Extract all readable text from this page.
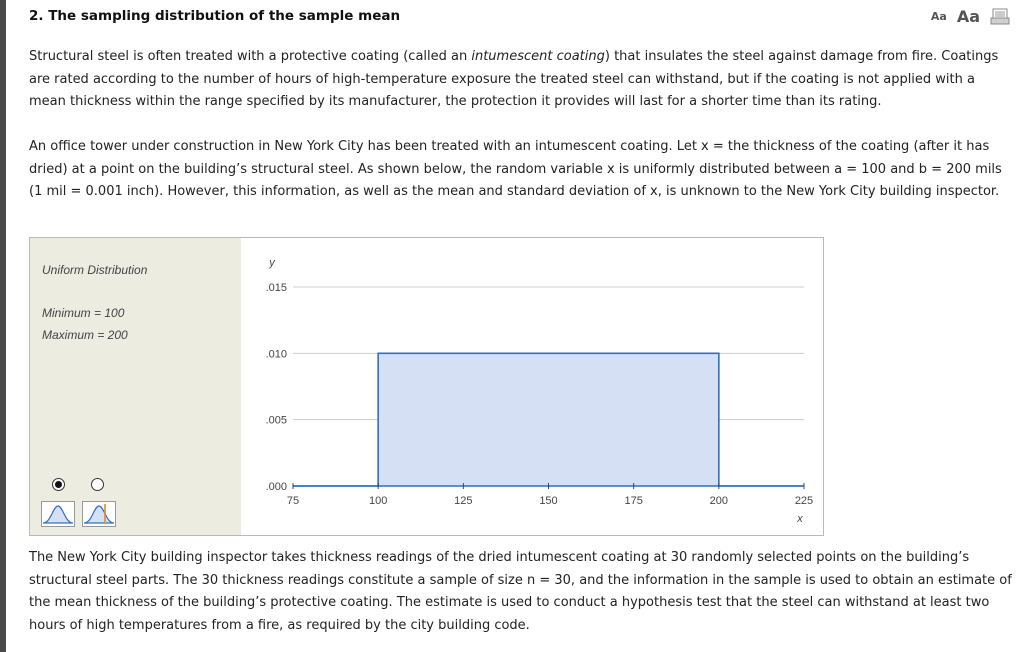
2. The sampling distribution of the sample mean	Aa Aa
Structural steel is often treated with a protective coating (called an intumescent coating) that insulates the steel against damage from fire. Coatings are rated according to the number of hours of high-temperature exposure the treated steel can withstand, but if the coating is not applied with a mean thickness within the range specified by its manufacturer, the protection it provides will last for a shorter time than its rating.
An office tower under construction in New York City has been treated with an intumescent coating. Let x = the thickness of the coating (after it has dried) at a point on the building’s structural steel. As shown below, the random variable x is uniformly distributed between a = 100 and b = 200 mils (1 mil = 0.001 inch). However, this information, as well as the mean and standard deviation of x, is unknown to the New York City building inspector.
Uniform Distribution
Minimum = 100
Maximum = 200
.000
.005
.010
.015
75	100	125	150	175	200	225
y
x
The New York City building inspector takes thickness readings of the dried intumescent coating at 30 randomly selected points on the building’s structural steel parts. The 30 thickness readings constitute a sample of size n = 30, and the information in the sample is used to obtain an estimate of the mean thickness of the building’s protective coating. The estimate is used to conduct a hypothesis test that the steel can withstand at least two hours of high temperatures from a fire, as required by the city building code.
